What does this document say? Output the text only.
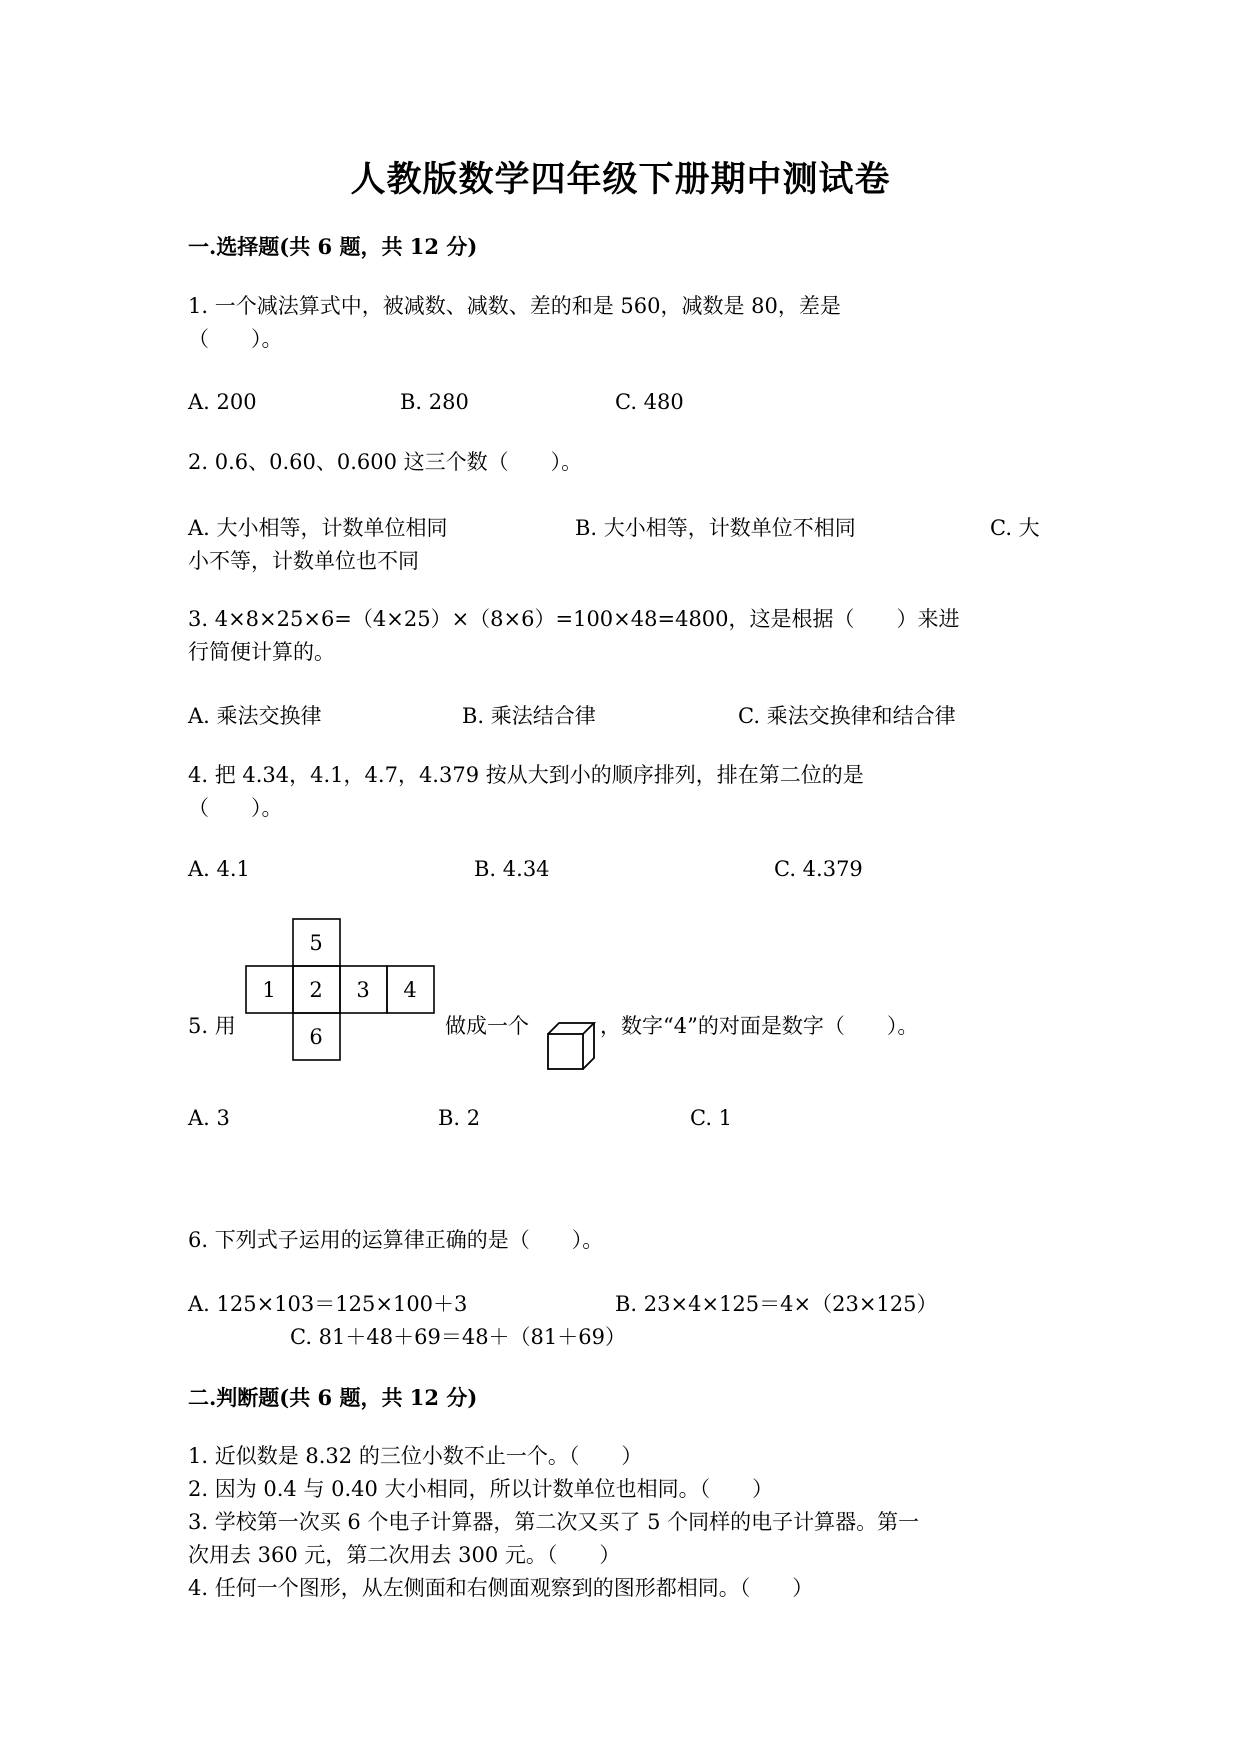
人教版数学四年级下册期中测试卷
一.选择题(共 6 题，共 12 分)
1. 一个减法算式中，被减数、减数、差的和是 560，减数是 80，差是
（　　）。
A. 200	B. 280	C. 480
2. 0.6、0.60、0.600 这三个数（　　）。
A. 大小相等，计数单位相同	B. 大小相等，计数单位不相同	C. 大
小不等，计数单位也不同
3. 4×8×25×6=（4×25）×（8×6）=100×48=4800，这是根据（　　）来进
行简便计算的。
A. 乘法交换律	B. 乘法结合律	C. 乘法交换律和结合律
4. 把 4.34，4.1，4.7，4.379 按从大到小的顺序排列，排在第二位的是
（　　）。
A. 4.1	B. 4.34	C. 4.379
5. 用
5
1 2 3 4
6	做成一个	，数字“4”的对面是数字（　　）。
A. 3	B. 2	C. 1
6. 下列式子运用的运算律正确的是（　　）。
A. 125×103＝125×100＋3	B. 23×4×125＝4×（23×125）
C. 81＋48＋69＝48＋（81＋69）
二.判断题(共 6 题，共 12 分)
1. 近似数是 8.32 的三位小数不止一个。（　　）
2. 因为 0.4 与 0.40 大小相同，所以计数单位也相同。（　　）
3. 学校第一次买 6 个电子计算器，第二次又买了 5 个同样的电子计算器。第一
次用去 360 元，第二次用去 300 元。（　　）
4. 任何一个图形，从左侧面和右侧面观察到的图形都相同。（　　）
